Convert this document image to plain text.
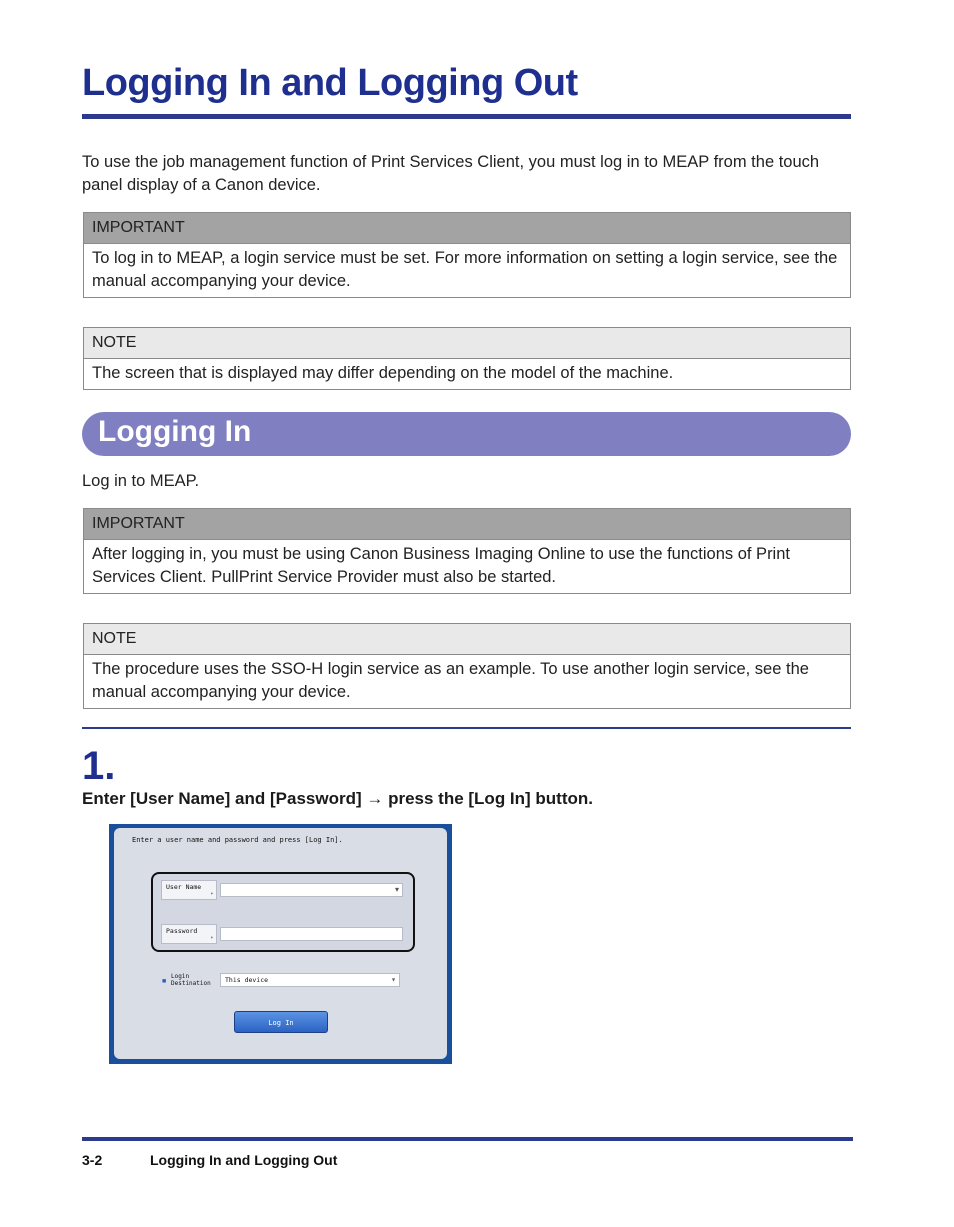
Logging In and Logging Out
To use the job management function of Print Services Client, you must log in to MEAP from the touch panel display of a Canon device.
IMPORTANT
To log in to MEAP, a login service must be set. For more information on setting a login service, see the manual accompanying your device.
NOTE
The screen that is displayed may differ depending on the model of the machine.
Logging In
Log in to MEAP.
IMPORTANT
After logging in, you must be using Canon Business Imaging Online to use the functions of Print Services Client. PullPrint Service Provider must also be started.
NOTE
The procedure uses the SSO-H login service as an example. To use another login service, see the manual accompanying your device.
1.
Enter [User Name] and [Password] → press the [Log In] button.
Enter a user name and password and press [Log In].
User Name
▸	▾
Password
▸
■
Login
Destination	This device	▾
Log In
3-2	Logging In and Logging Out
